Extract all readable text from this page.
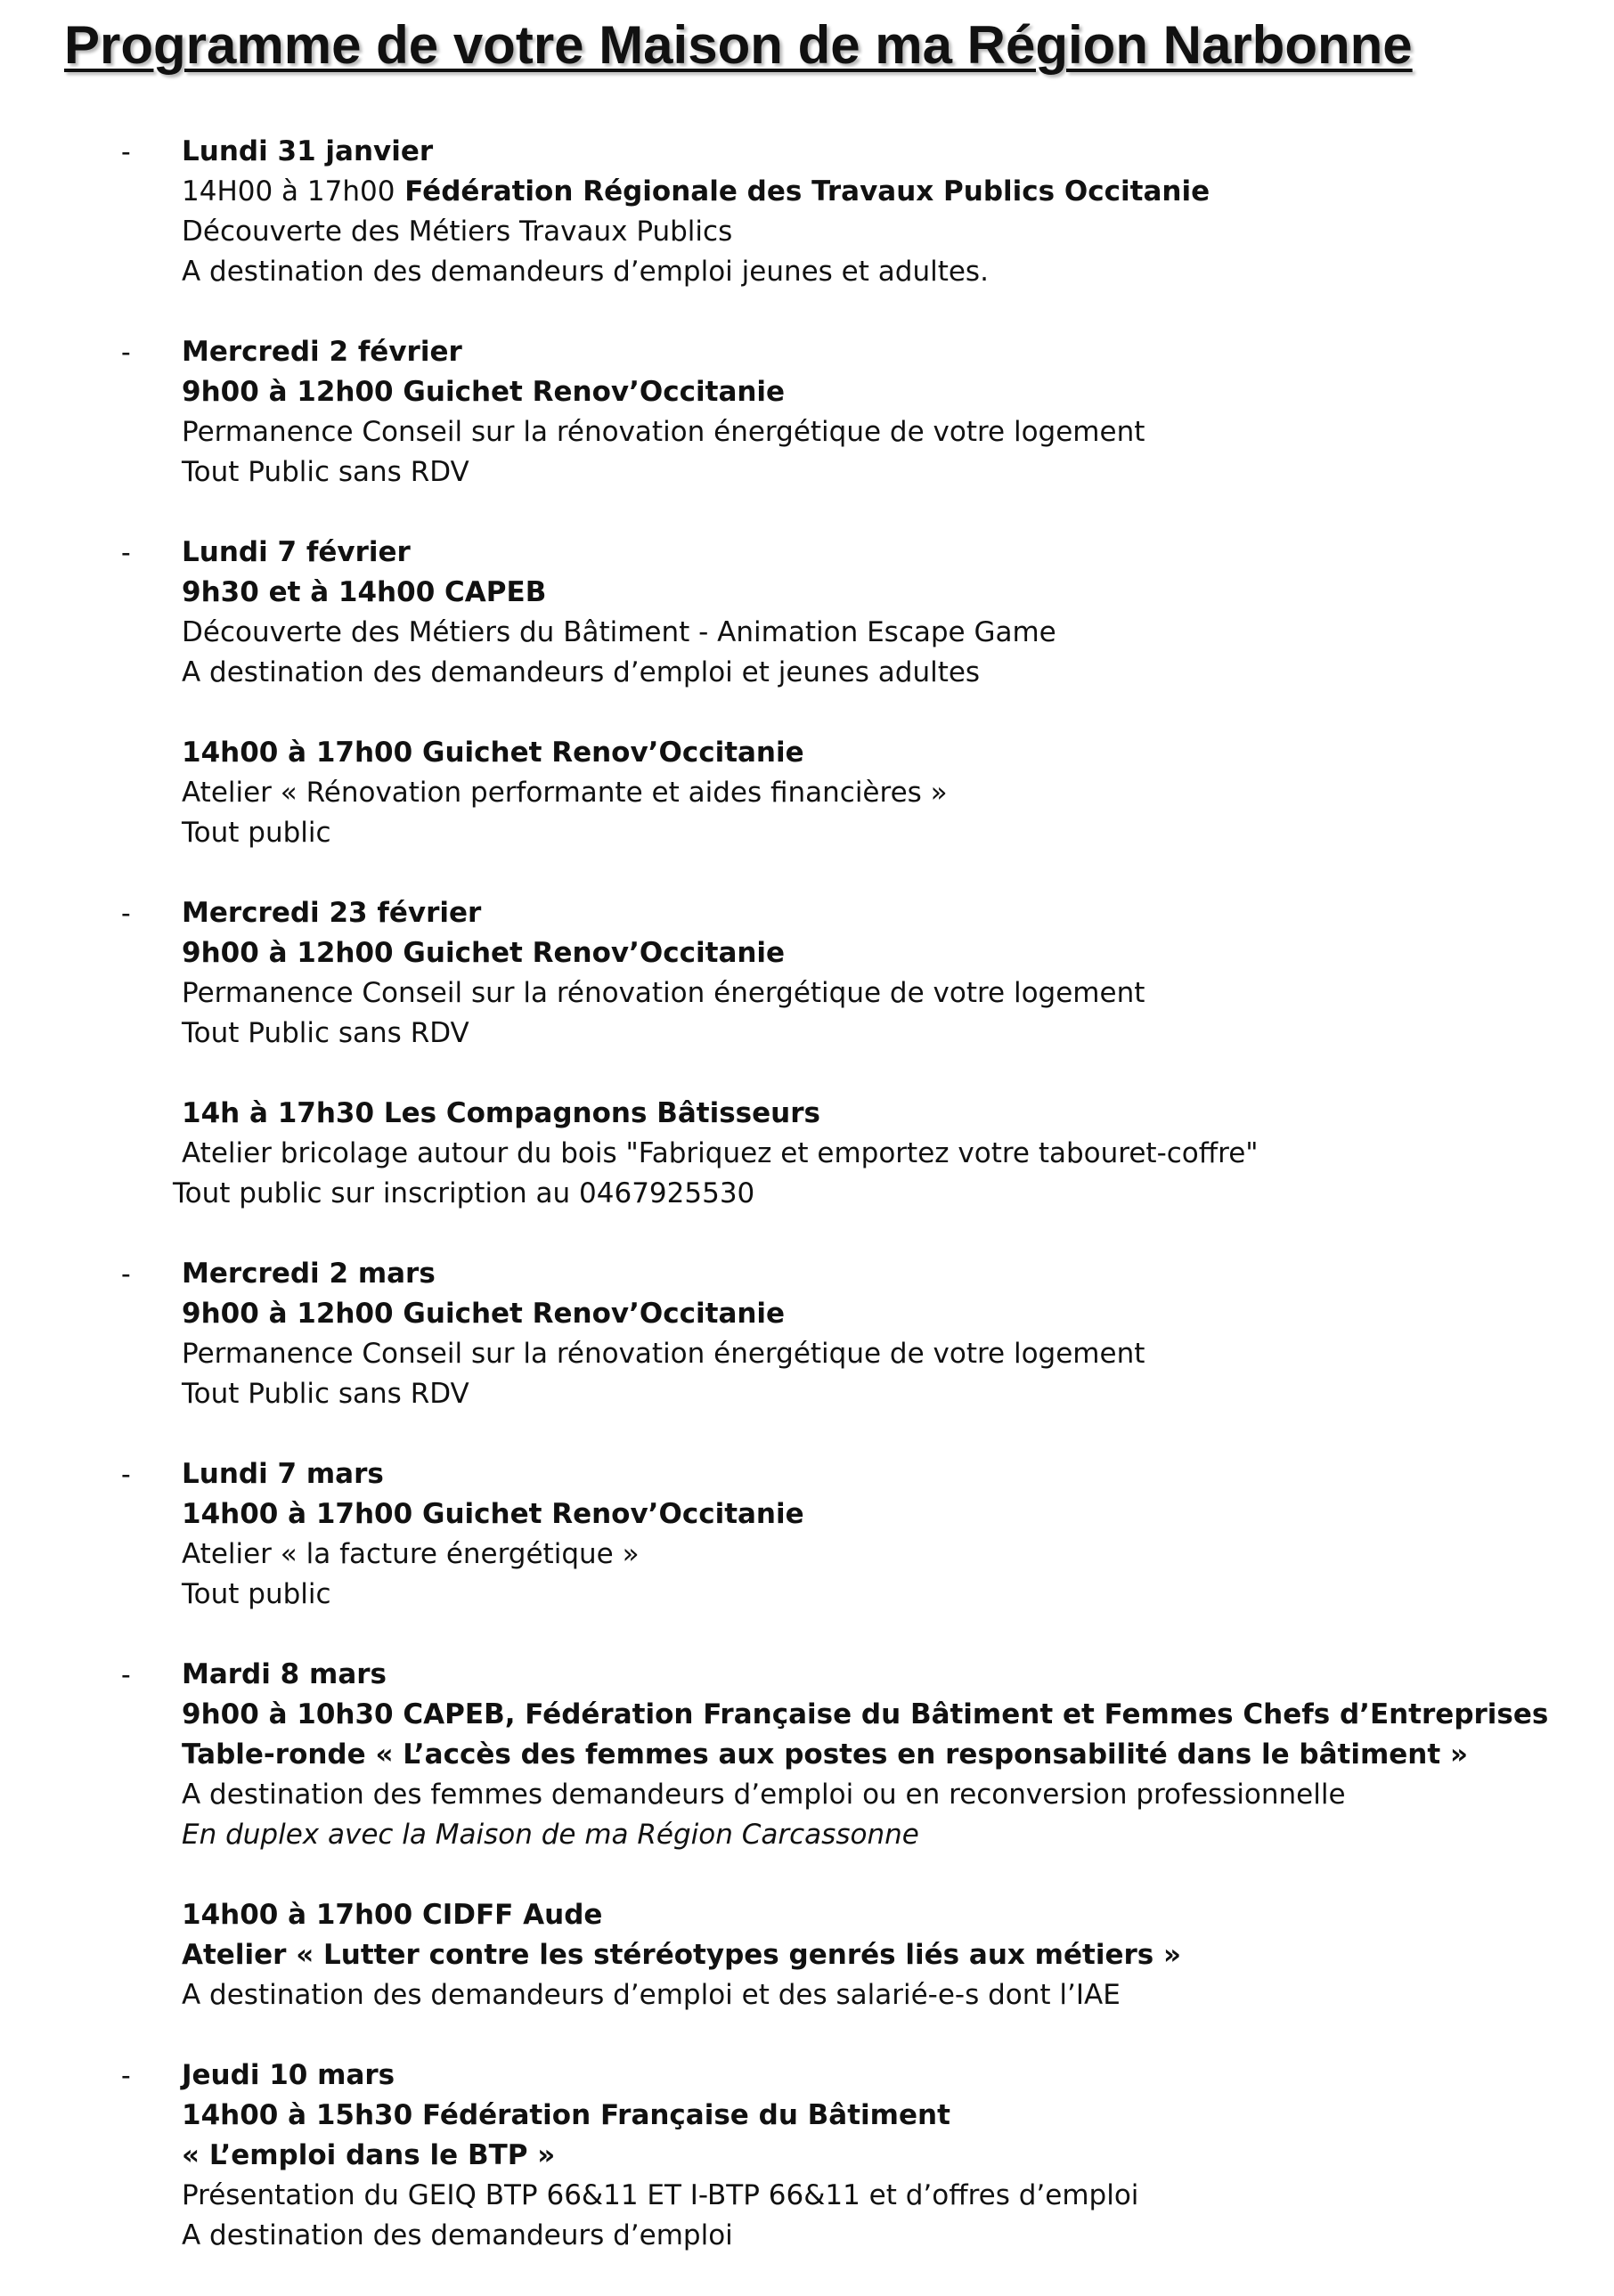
Programme de votre Maison de ma Région Narbonne
- Lundi 31 janvier
14H00 à 17h00 Fédération Régionale des Travaux Publics Occitanie
Découverte des Métiers Travaux Publics
A destination des demandeurs d’emploi jeunes et adultes.
- Mercredi 2 février
9h00 à 12h00 Guichet Renov’Occitanie
Permanence Conseil sur la rénovation énergétique de votre logement
Tout Public sans RDV
- Lundi 7 février
9h30 et à 14h00 CAPEB
Découverte des Métiers du Bâtiment - Animation Escape Game
A destination des demandeurs d’emploi et jeunes adultes
14h00 à 17h00 Guichet Renov’Occitanie
Atelier « Rénovation performante et aides financières »
Tout public
- Mercredi 23 février
9h00 à 12h00 Guichet Renov’Occitanie
Permanence Conseil sur la rénovation énergétique de votre logement
Tout Public sans RDV
14h à 17h30 Les Compagnons Bâtisseurs
Atelier bricolage autour du bois "Fabriquez et emportez votre tabouret-coffre"
Tout public sur inscription au 0467925530
- Mercredi 2 mars
9h00 à 12h00 Guichet Renov’Occitanie
Permanence Conseil sur la rénovation énergétique de votre logement
Tout Public sans RDV
- Lundi 7 mars
14h00 à 17h00 Guichet Renov’Occitanie
Atelier « la facture énergétique »
Tout public
- Mardi 8 mars
9h00 à 10h30 CAPEB, Fédération Française du Bâtiment et Femmes Chefs d’Entreprises
Table-ronde « L’accès des femmes aux postes en responsabilité dans le bâtiment »
A destination des femmes demandeurs d’emploi ou en reconversion professionnelle
En duplex avec la Maison de ma Région Carcassonne
14h00 à 17h00 CIDFF Aude
Atelier « Lutter contre les stéréotypes genrés liés aux métiers »
A destination des demandeurs d’emploi et des salarié-e-s dont l’IAE
- Jeudi 10 mars
14h00 à 15h30 Fédération Française du Bâtiment
« L’emploi dans le BTP »
Présentation du GEIQ BTP 66&11 ET I-BTP 66&11 et d’offres d’emploi
A destination des demandeurs d’emploi
